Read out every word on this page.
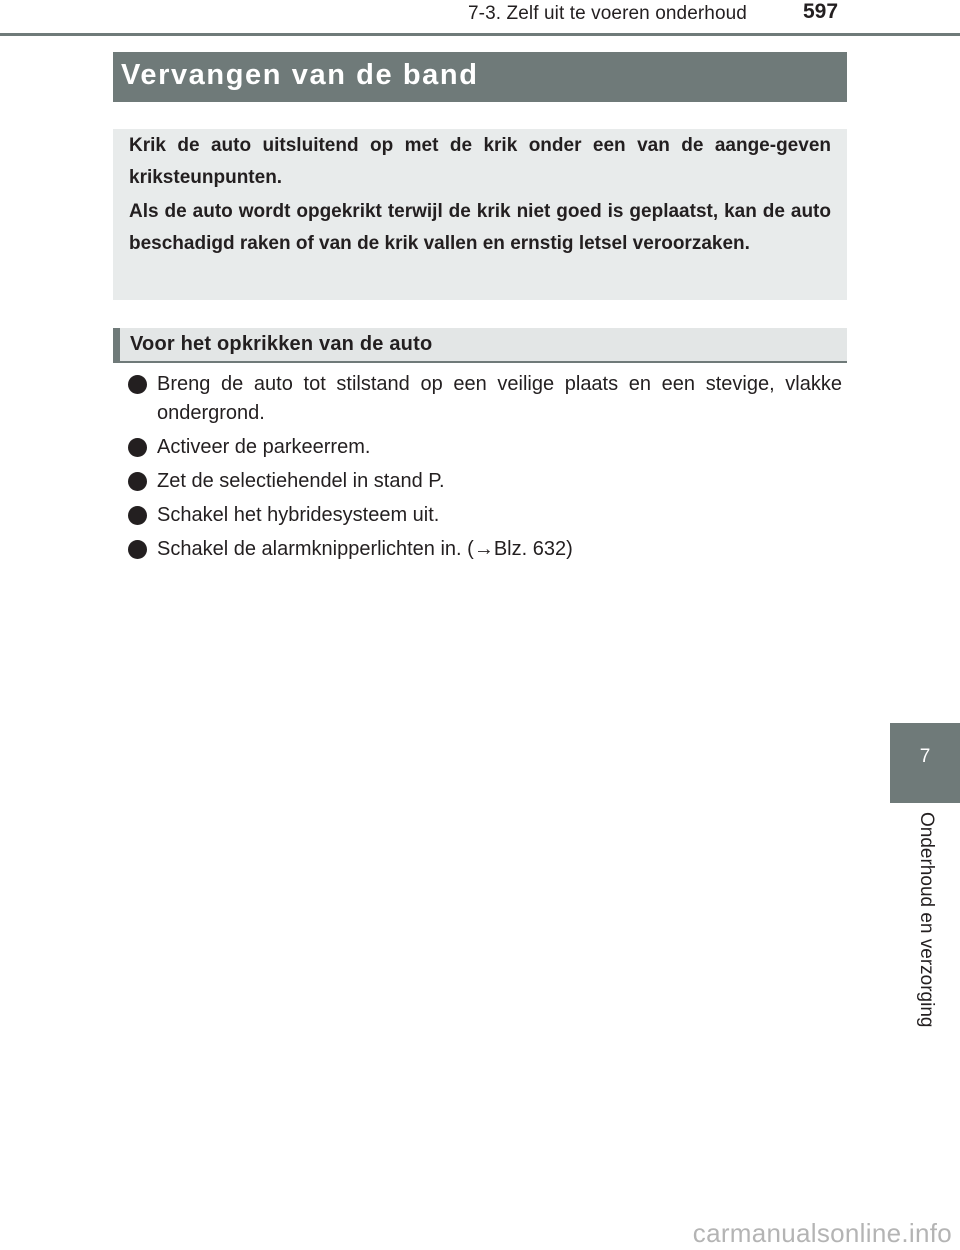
7-3. Zelf uit te voeren onderhoud	597
Vervangen van de band

Krik de auto uitsluitend op met de krik onder een van de aange-geven kriksteunpunten.

Als de auto wordt opgekrikt terwijl de krik niet goed is geplaatst, kan de auto beschadigd raken of van de krik vallen en ernstig letsel veroorzaken.

Voor het opkrikken van de auto
Breng de auto tot stilstand op een veilige plaats en een stevige, vlakke ondergrond.
Activeer de parkeerrem.
Zet de selectiehendel in stand P.
Schakel het hybridesysteem uit.
Schakel de alarmknipperlichten in. (→Blz. 632)
7
Onderhoud en verzorging
carmanualsonline.info
